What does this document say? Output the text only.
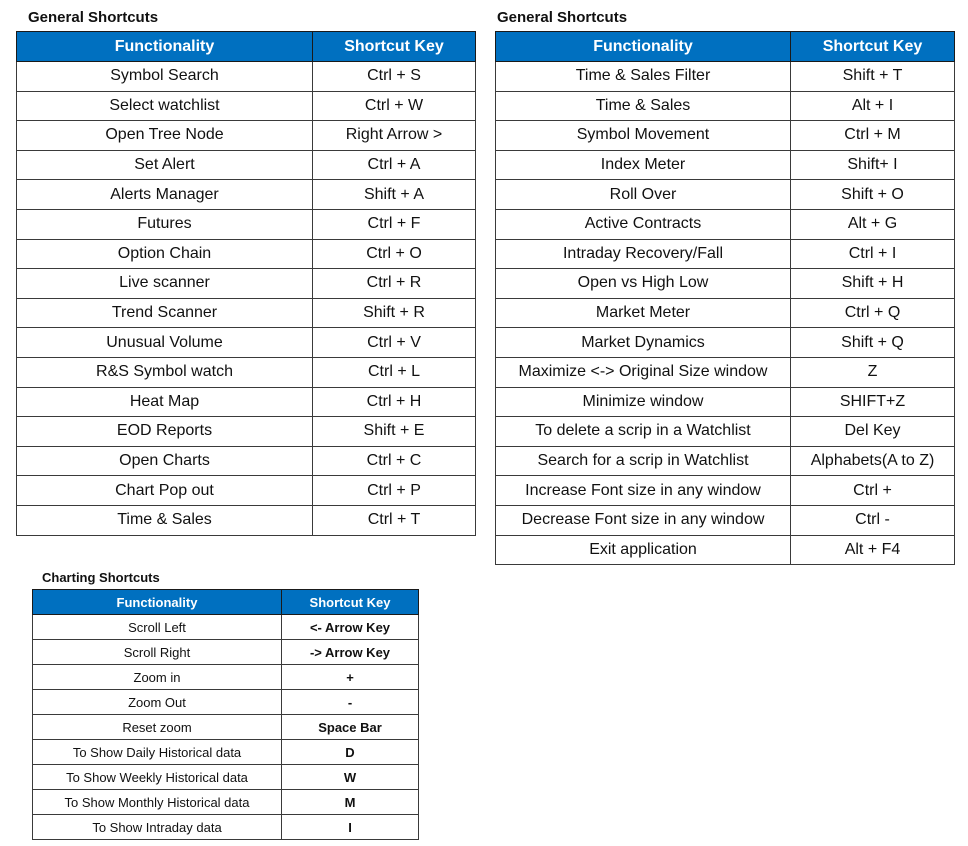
General Shortcuts
Functionality	Shortcut Key
Symbol Search	Ctrl + S
Select watchlist	Ctrl + W
Open Tree Node	Right Arrow >
Set Alert	Ctrl + A
Alerts Manager	Shift + A
Futures	Ctrl + F
Option Chain	Ctrl + O
Live scanner	Ctrl + R
Trend Scanner	Shift + R
Unusual Volume	Ctrl + V
R&S Symbol watch	Ctrl + L
Heat Map	Ctrl + H
EOD Reports	Shift + E
Open Charts	Ctrl + C
Chart Pop out	Ctrl + P
Time & Sales	Ctrl + T
General Shortcuts
Functionality	Shortcut Key
Time & Sales Filter	Shift + T
Time & Sales	Alt + I
Symbol Movement	Ctrl + M
Index Meter	Shift+ I
Roll Over	Shift + O
Active Contracts	Alt + G
Intraday Recovery/Fall	Ctrl + I
Open vs High Low	Shift + H
Market Meter	Ctrl + Q
Market Dynamics	Shift + Q
Maximize <-> Original Size window	Z
Minimize window	SHIFT+Z
To delete a scrip in a Watchlist	Del Key
Search for a scrip in Watchlist	Alphabets(A to Z)
Increase Font size in any window	Ctrl +
Decrease Font size in any window	Ctrl -
Exit application	Alt + F4
Charting Shortcuts
Functionality	Shortcut Key
Scroll Left	<- Arrow Key
Scroll Right	-> Arrow Key
Zoom in	+
Zoom Out	-
Reset zoom	Space Bar
To Show Daily Historical data	D
To Show Weekly Historical data	W
To Show Monthly Historical data	M
To Show Intraday data	I
